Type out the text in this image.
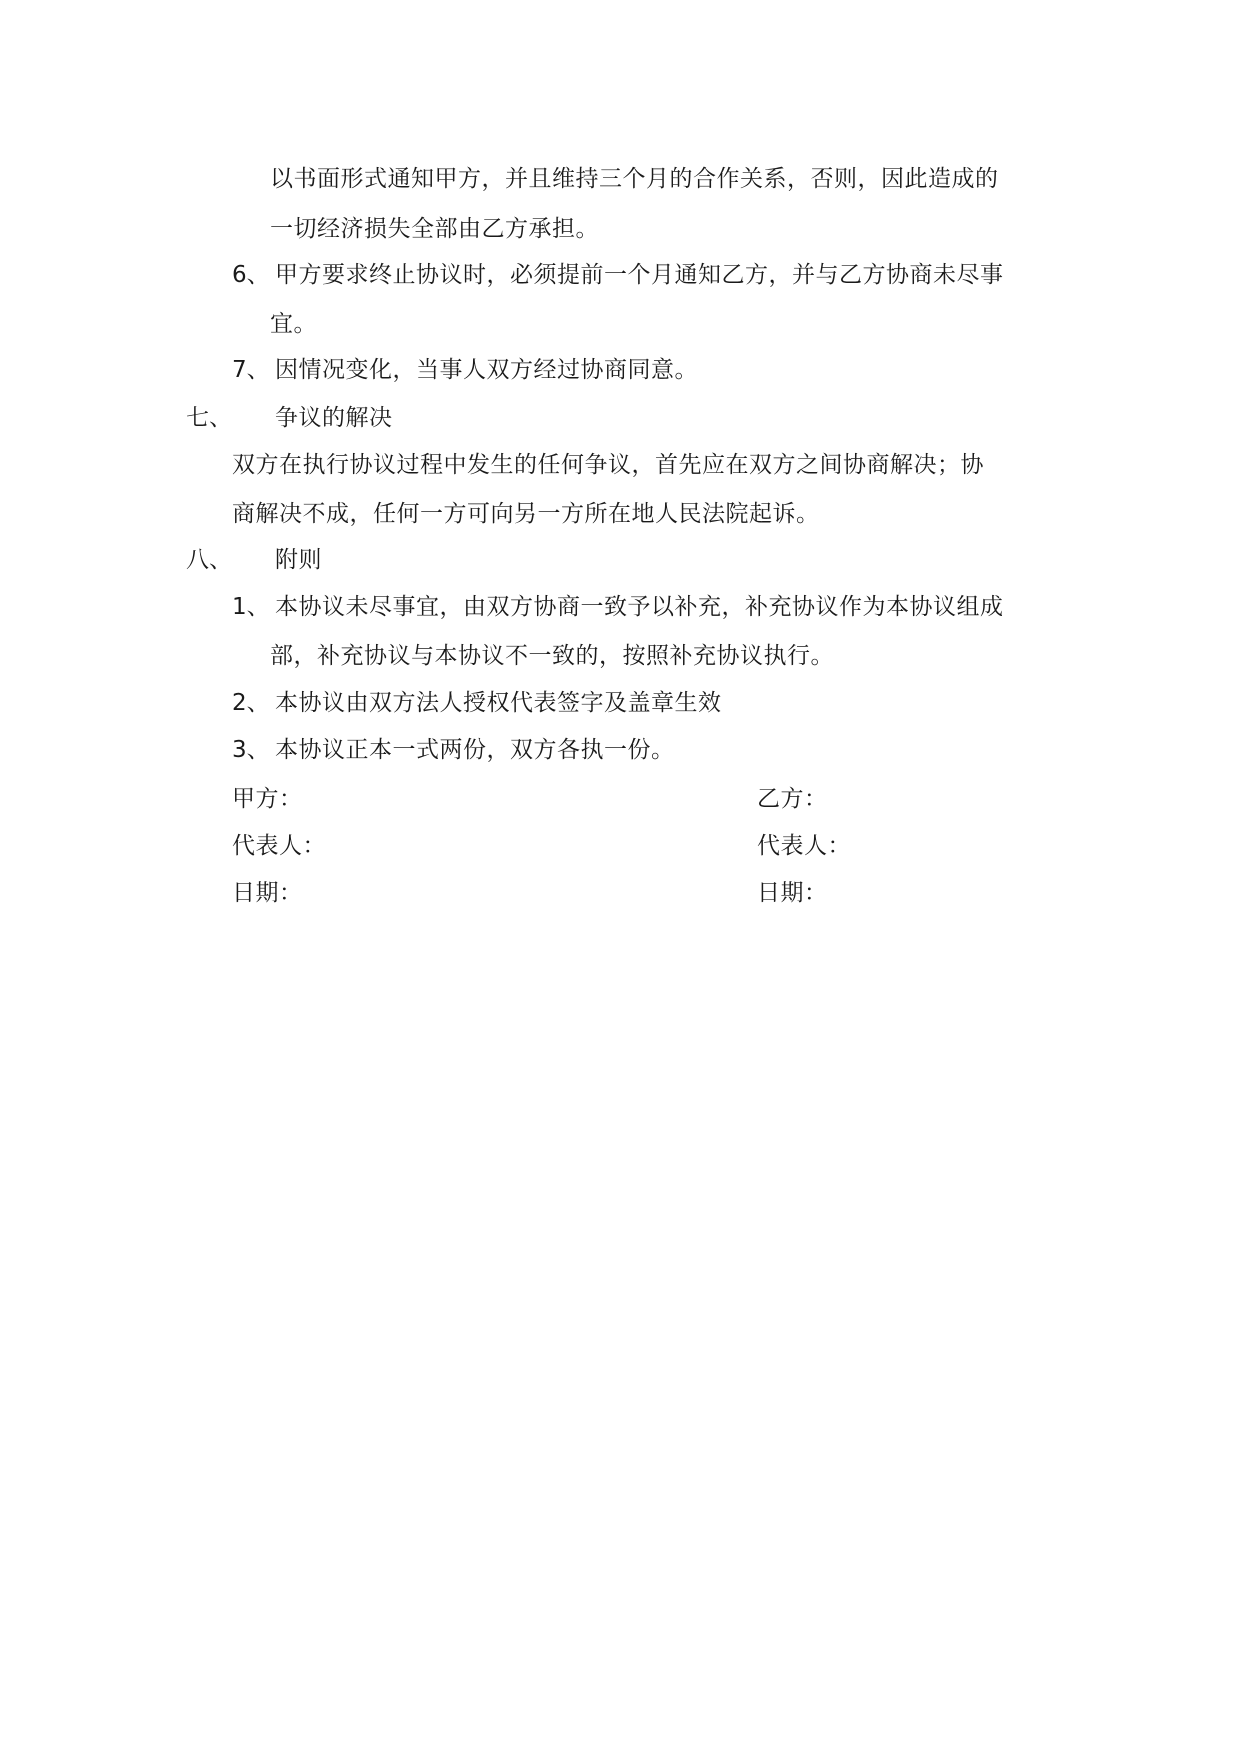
以书面形式通知甲方，并且维持三个月的合作关系，否则，因此造成的
一切经济损失全部由乙方承担。
6、 甲方要求终止协议时，必须提前一个月通知乙方，并与乙方协商未尽事
宜。
7、 因情况变化，当事人双方经过协商同意。
七、 争议的解决
双方在执行协议过程中发生的任何争议，首先应在双方之间协商解决；协
商解决不成，任何一方可向另一方所在地人民法院起诉。
八、 附则
1、 本协议未尽事宜，由双方协商一致予以补充，补充协议作为本协议组成
部，补充协议与本协议不一致的，按照补充协议执行。
2、 本协议由双方法人授权代表签字及盖章生效
3、 本协议正本一式两份，双方各执一份。
甲方：
代表人：
日期：
乙方：
代表人：
日期：
